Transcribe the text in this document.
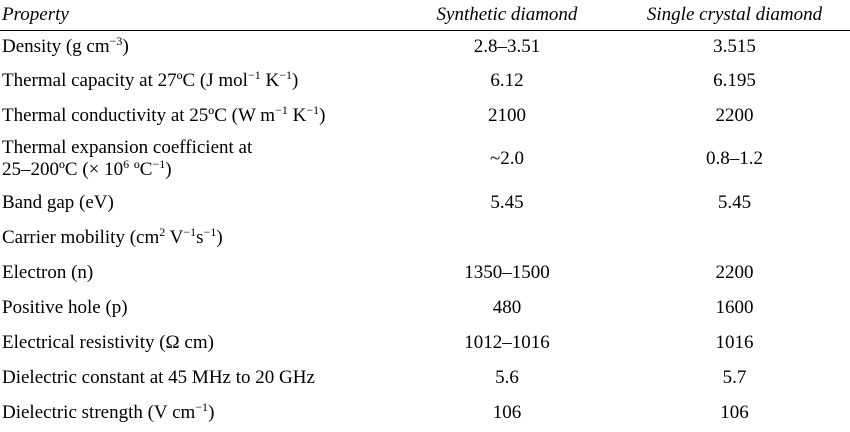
Property	Synthetic diamond	Single crystal diamond
Density (g $cm^{-3}$)	2.8–3.51	3.515
Thermal capacity at 27ºC (J mol$^{-1}$ $K^{-1}$)	6.12	6.195
Thermal conductivity at 25ºC (W $m^{-1}$ $K^{-1}$)	2100	2200
Thermal expansion coefficient at
25–200ºC (× $10^6$ ºC$^{-1}$)	~2.0	0.8–1.2
Band gap (eV)	5.45	5.45
Carrier mobility ($cm^2$ $V^{-1}s^{-1}$)		
Electron (n)	1350–1500	2200
Positive hole (p)	480	1600
Electrical resistivity (Ω cm)	1012–1016	1016
Dielectric constant at 45 MHz to 20 GHz	5.6	5.7
Dielectric strength (V $cm^{-1}$)	106	106
